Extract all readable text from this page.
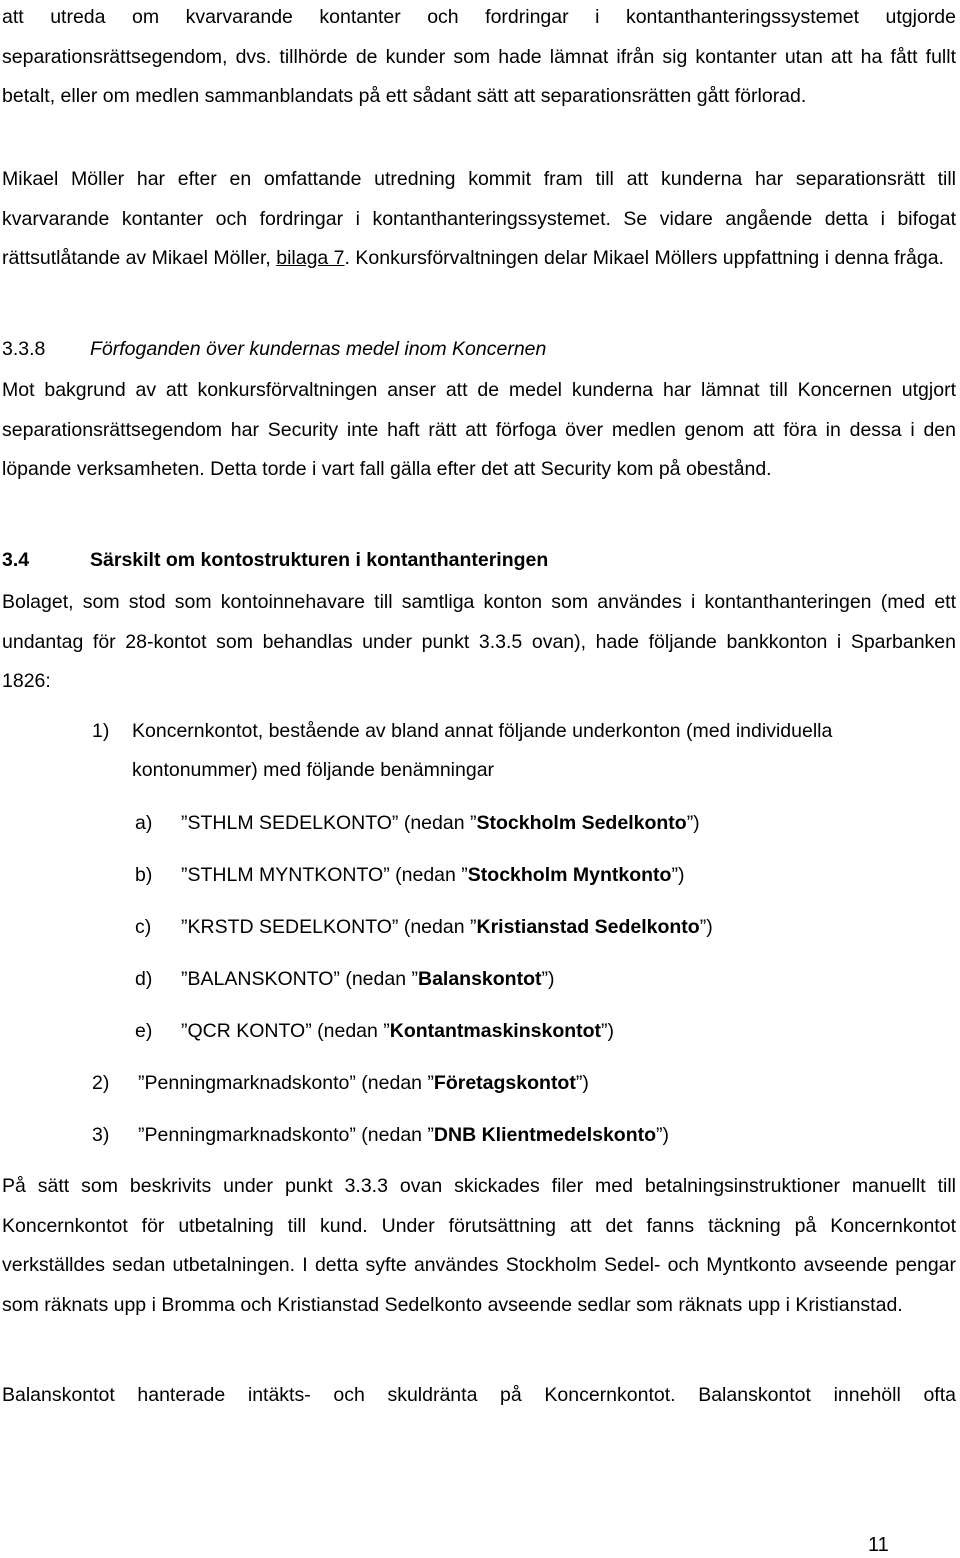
att utreda om kvarvarande kontanter och fordringar i kontanthanteringssystemet utgjorde separationsrättsegendom, dvs. tillhörde de kunder som hade lämnat ifrån sig kontanter utan att ha fått fullt betalt, eller om medlen sammanblandats på ett sådant sätt att separationsrätten gått förlorad.

Mikael Möller har efter en omfattande utredning kommit fram till att kunderna har separationsrätt till kvarvarande kontanter och fordringar i kontanthanteringssystemet. Se vidare angående detta i bifogat rättsutlåtande av Mikael Möller, bilaga 7. Konkursförvaltningen delar Mikael Möllers uppfattning i denna fråga.

3.3.8 Förfoganden över kundernas medel inom Koncernen

Mot bakgrund av att konkursförvaltningen anser att de medel kunderna har lämnat till Koncernen utgjort separationsrättsegendom har Security inte haft rätt att förfoga över medlen genom att föra in dessa i den löpande verksamheten. Detta torde i vart fall gälla efter det att Security kom på obestånd.

3.4	Särskilt om kontostrukturen i kontanthanteringen

Bolaget, som stod som kontoinnehavare till samtliga konton som användes i kontanthanteringen (med ett undantag för 28-kontot som behandlas under punkt 3.3.5 ovan), hade följande bankkonton i Sparbanken 1826:

1) Koncernkontot, bestående av bland annat följande underkonton (med individuella
kontonummer) med följande benämningar
a) ”STHLM SEDELKONTO” (nedan ”Stockholm Sedelkonto”)
b) ”STHLM MYNTKONTO” (nedan ”Stockholm Myntkonto”)
c) ”KRSTD SEDELKONTO” (nedan ”Kristianstad Sedelkonto”)
d) ”BALANSKONTO” (nedan ”Balanskontot”)
e) ”QCR KONTO” (nedan ”Kontantmaskinskontot”)
2) ”Penningmarknadskonto” (nedan ”Företagskontot”)
3) ”Penningmarknadskonto” (nedan ”DNB Klientmedelskonto”)

På sätt som beskrivits under punkt 3.3.3 ovan skickades filer med betalningsinstruktioner manuellt till Koncernkontot för utbetalning till kund. Under förutsättning att det fanns täckning på Koncernkontot verkställdes sedan utbetalningen. I detta syfte användes Stockholm Sedel- och Myntkonto avseende pengar som räknats upp i Bromma och Kristianstad Sedelkonto avseende sedlar som räknats upp i Kristianstad.

Balanskontot hanterade intäkts- och skuldränta på Koncernkontot. Balanskontot innehöll ofta

11
